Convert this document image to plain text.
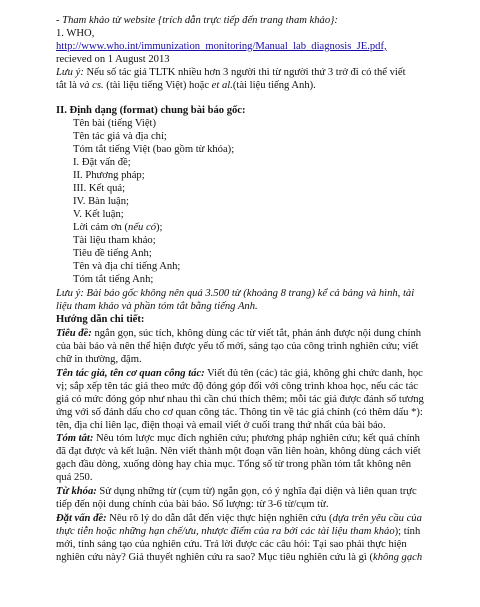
- Tham khảo từ website {trích dẫn trực tiếp đến trang tham khảo}:
1. WHO,
http://www.who.int/immunization_monitoring/Manual_lab_diagnosis_JE.pdf,
recieved on 1 August 2013
Lưu ý: Nếu số tác giả TLTK nhiều hơn 3 người thì từ người thứ 3 trở đi có thể viết
tắt là và cs. (tài liệu tiếng Việt) hoặc et al.(tài liệu tiếng Anh).
II. Định dạng (format) chung bài báo gốc:
Tên bài (tiếng Việt)
Tên tác giả và địa chỉ;
Tóm tắt tiếng Việt (bao gồm từ khóa);
I. Đặt vấn đề;
II. Phương pháp;
III. Kết quả;
IV. Bàn luận;
V. Kết luận;
Lời cảm ơn (nếu có);
Tài liệu tham khảo;
Tiêu đề tiếng Anh;
Tên và địa chỉ tiếng Anh;
Tóm tắt tiếng Anh;
Lưu ý: Bài báo gốc không nên quá 3.500 từ (khoảng 8 trang) kể cả bảng và hình, tài
liệu tham khảo và phần tóm tắt bằng tiếng Anh.
Hướng dẫn chi tiết:
Tiêu đề: ngắn gọn, súc tích, không dùng các từ viết tắt, phản ánh được nội dung chính
của bài báo và nên thể hiện được yếu tố mới, sáng tạo của công trình nghiên cứu; viết
chữ in thường, đậm.
Tên tác giả, tên cơ quan công tác: Viết đủ tên (các) tác giả, không ghi chức danh, học
vị; sắp xếp tên tác giả theo mức độ đóng góp đối với công trình khoa học, nếu các tác
giả có mức đóng góp như nhau thì cần chú thích thêm; mỗi tác giả được đánh số tương
ứng với số đánh dấu cho cơ quan công tác. Thông tin về tác giả chính (có thêm dấu *):
tên, địa chỉ liên lạc, điện thoại và email viết ở cuối trang thứ nhất của bài báo.
Tóm tắt: Nêu tóm lược mục đích nghiên cứu; phương pháp nghiên cứu; kết quả chính
đã đạt được và kết luận. Nên viết thành một đoạn văn liên hoàn, không dùng cách viết
gạch đầu dòng, xuống dòng hay chia mục. Tổng số từ trong phần tóm tắt không nên
quá 250.
Từ khóa: Sử dụng những từ (cụm từ) ngắn gọn, có ý nghĩa đại diện và liên quan trực
tiếp đến nội dung chính của bài báo. Số lượng: từ 3-6 từ/cụm từ.
Đặt vấn đề: Nêu rõ lý do dẫn dắt đến việc thực hiện nghiên cứu (dựa trên yêu cầu của
thực tiễn hoặc những hạn chế/ưu, nhược điểm của ra bởi các tài liệu tham khảo); tính
mới, tính sáng tạo của nghiên cứu. Trả lời được các câu hỏi: Tại sao phải thực hiện
nghiên cứu này? Giả thuyết nghiên cứu ra sao? Mục tiêu nghiên cứu là gì (không gạch
